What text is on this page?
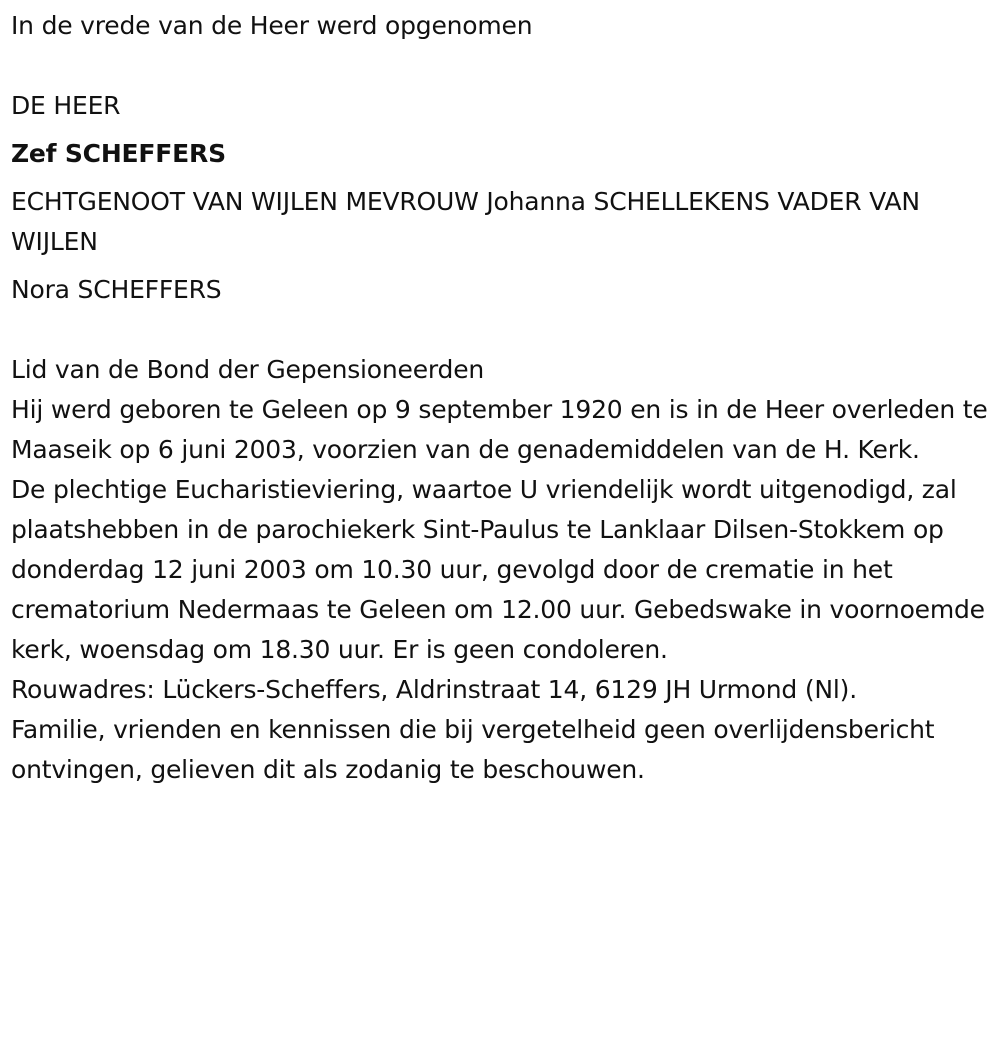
In de vrede van de Heer werd opgenomen

DE HEER

Zef SCHEFFERS

ECHTGENOOT VAN WIJLEN MEVROUW Johanna SCHELLEKENS VADER VAN WIJLEN

Nora SCHEFFERS

Lid van de Bond der Gepensioneerden

Hij werd geboren te Geleen op 9 september 1920 en is in de Heer overleden te Maaseik op 6 juni 2003, voorzien van de genademiddelen van de H. Kerk.

De plechtige Eucharistieviering, waartoe U vriendelijk wordt uitgenodigd, zal plaatshebben in de parochiekerk Sint-Paulus te Lanklaar Dilsen-Stokkem op donderdag 12 juni 2003 om 10.30 uur, gevolgd door de crematie in het crematorium Nedermaas te Geleen om 12.00 uur. Gebedswake in voornoemde kerk, woensdag om 18.30 uur. Er is geen condoleren.

Rouwadres: Lückers-Scheffers, Aldrinstraat 14, 6129 JH Urmond (Nl).

Familie, vrienden en kennissen die bij vergetelheid geen overlijdensbericht ontvingen, gelieven dit als zodanig te beschouwen.
